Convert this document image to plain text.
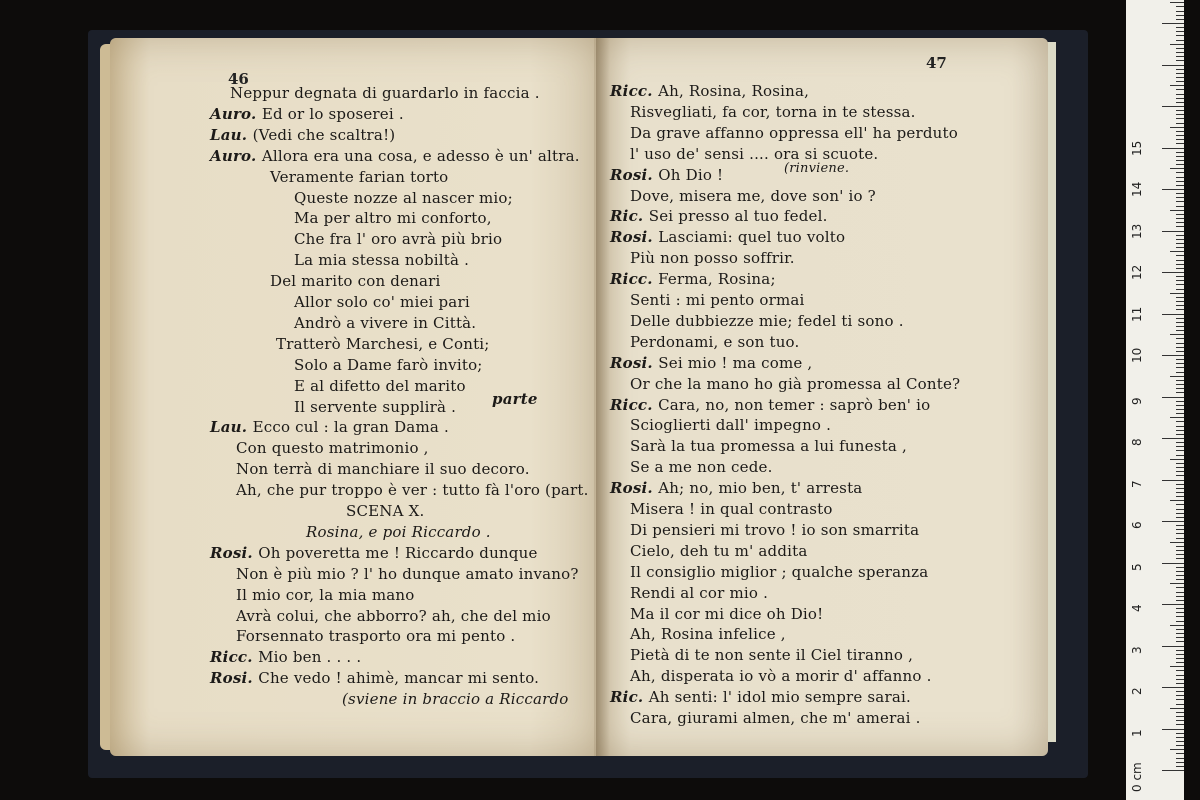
46
Neppur degnata di guardarlo in faccia .
Auro. Ed or lo sposerei .
Lau. (Vedi che scaltra!)
Auro. Allora era una cosa, e adesso è un' altra.
Veramente farian torto
Queste nozze al nascer mio;
Ma per altro mi conforto,
Che fra l' oro avrà più brio
La mia stessa nobiltà .
Del marito con denari
Allor solo co' miei pari
Andrò a vivere in Città.
Tratterò Marchesi, e Conti;
Solo a Dame farò invito;
E al difetto del marito
Il servente supplirà .
Lau. Ecco cul : la gran Dama .
Con questo matrimonio ,
Non terrà di manchiare il suo decoro.
Ah, che pur troppo è ver : tutto fà l'oro (part.
SCENA X.
Rosina, e poi Riccardo .
Rosi. Oh poveretta me ! Riccardo dunque
Non è più mio ? l' ho dunque amato invano?
Il mio cor, la mia mano
Avrà colui, che abborro? ah, che del mio
Forsennato trasporto ora mi pento .
Ricc. Mio ben . . . .
Rosi. Che vedo ! ahimè, mancar mi sento.
(sviene in braccio a Riccardo
parte
47
Ricc. Ah, Rosina, Rosina,
Risvegliati, fa cor, torna in te stessa.
Da grave affanno oppressa ell' ha perduto
l' uso de' sensi .... ora si scuote.
Rosi. Oh Dio !
Dove, misera me, dove son' io ?
Ric. Sei presso al tuo fedel.
Rosi. Lasciami: quel tuo volto
Più non posso soffrir.
Ricc. Ferma, Rosina;
Senti : mi pento ormai
Delle dubbiezze mie; fedel ti sono .
Perdonami, e son tuo.
Rosi. Sei mio ! ma come ,
Or che la mano ho già promessa al Conte?
Ricc. Cara, no, non temer : saprò ben' io
Scioglierti dall' impegno .
Sarà la tua promessa a lui funesta ,
Se a me non cede.
Rosi. Ah; no, mio ben, t' arresta
Misera ! in qual contrasto
Di pensieri mi trovo ! io son smarrita
Cielo, deh tu m' addita
Il consiglio miglior ; qualche speranza
Rendi al cor mio .
Ma il cor mi dice oh Dio!
Ah, Rosina infelice ,
Pietà di te non sente il Ciel tiranno ,
Ah, disperata io vò a morir d' affanno .
Ric. Ah senti: l' idol mio sempre sarai.
Cara, giurami almen, che m' amerai .
(rinviene.
0 cm
1
2
3
4
5
6
7
8
9
10
11
12
13
14
15
